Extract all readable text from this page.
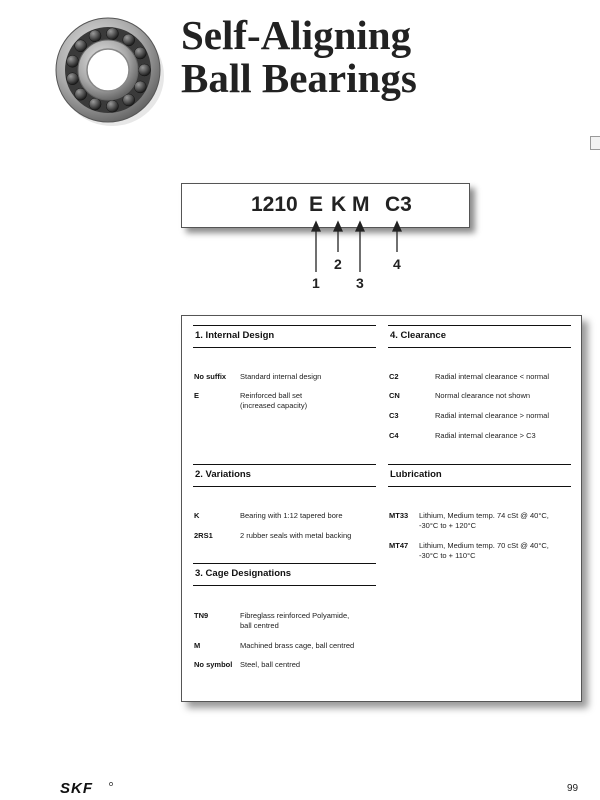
Self-Aligning
Ball Bearings
1210 E K M C3
1
2
3
4
1. Internal Design
No suffix Standard internal design
E	Reinforced ball set
(increased capacity)
2. Variations
K	Bearing with 1:12 tapered bore
2RS1	2 rubber seals with metal backing
3. Cage Designations
TN9	Fibreglass reinforced Polyamide,
ball centred
M	Machined brass cage, ball centred
No symbol Steel, ball centred
4. Clearance
C2	Radial internal clearance < normal
CN	Normal clearance not shown
C3	Radial internal clearance > normal
C4	Radial internal clearance > C3
Lubrication
MT33 Lithium, Medium temp. 74 cSt @ 40°C,
-30°C to + 120°C
MT47 Lithium, Medium temp. 70 cSt @ 40°C,
-30°C to + 110°C
SKF	99
